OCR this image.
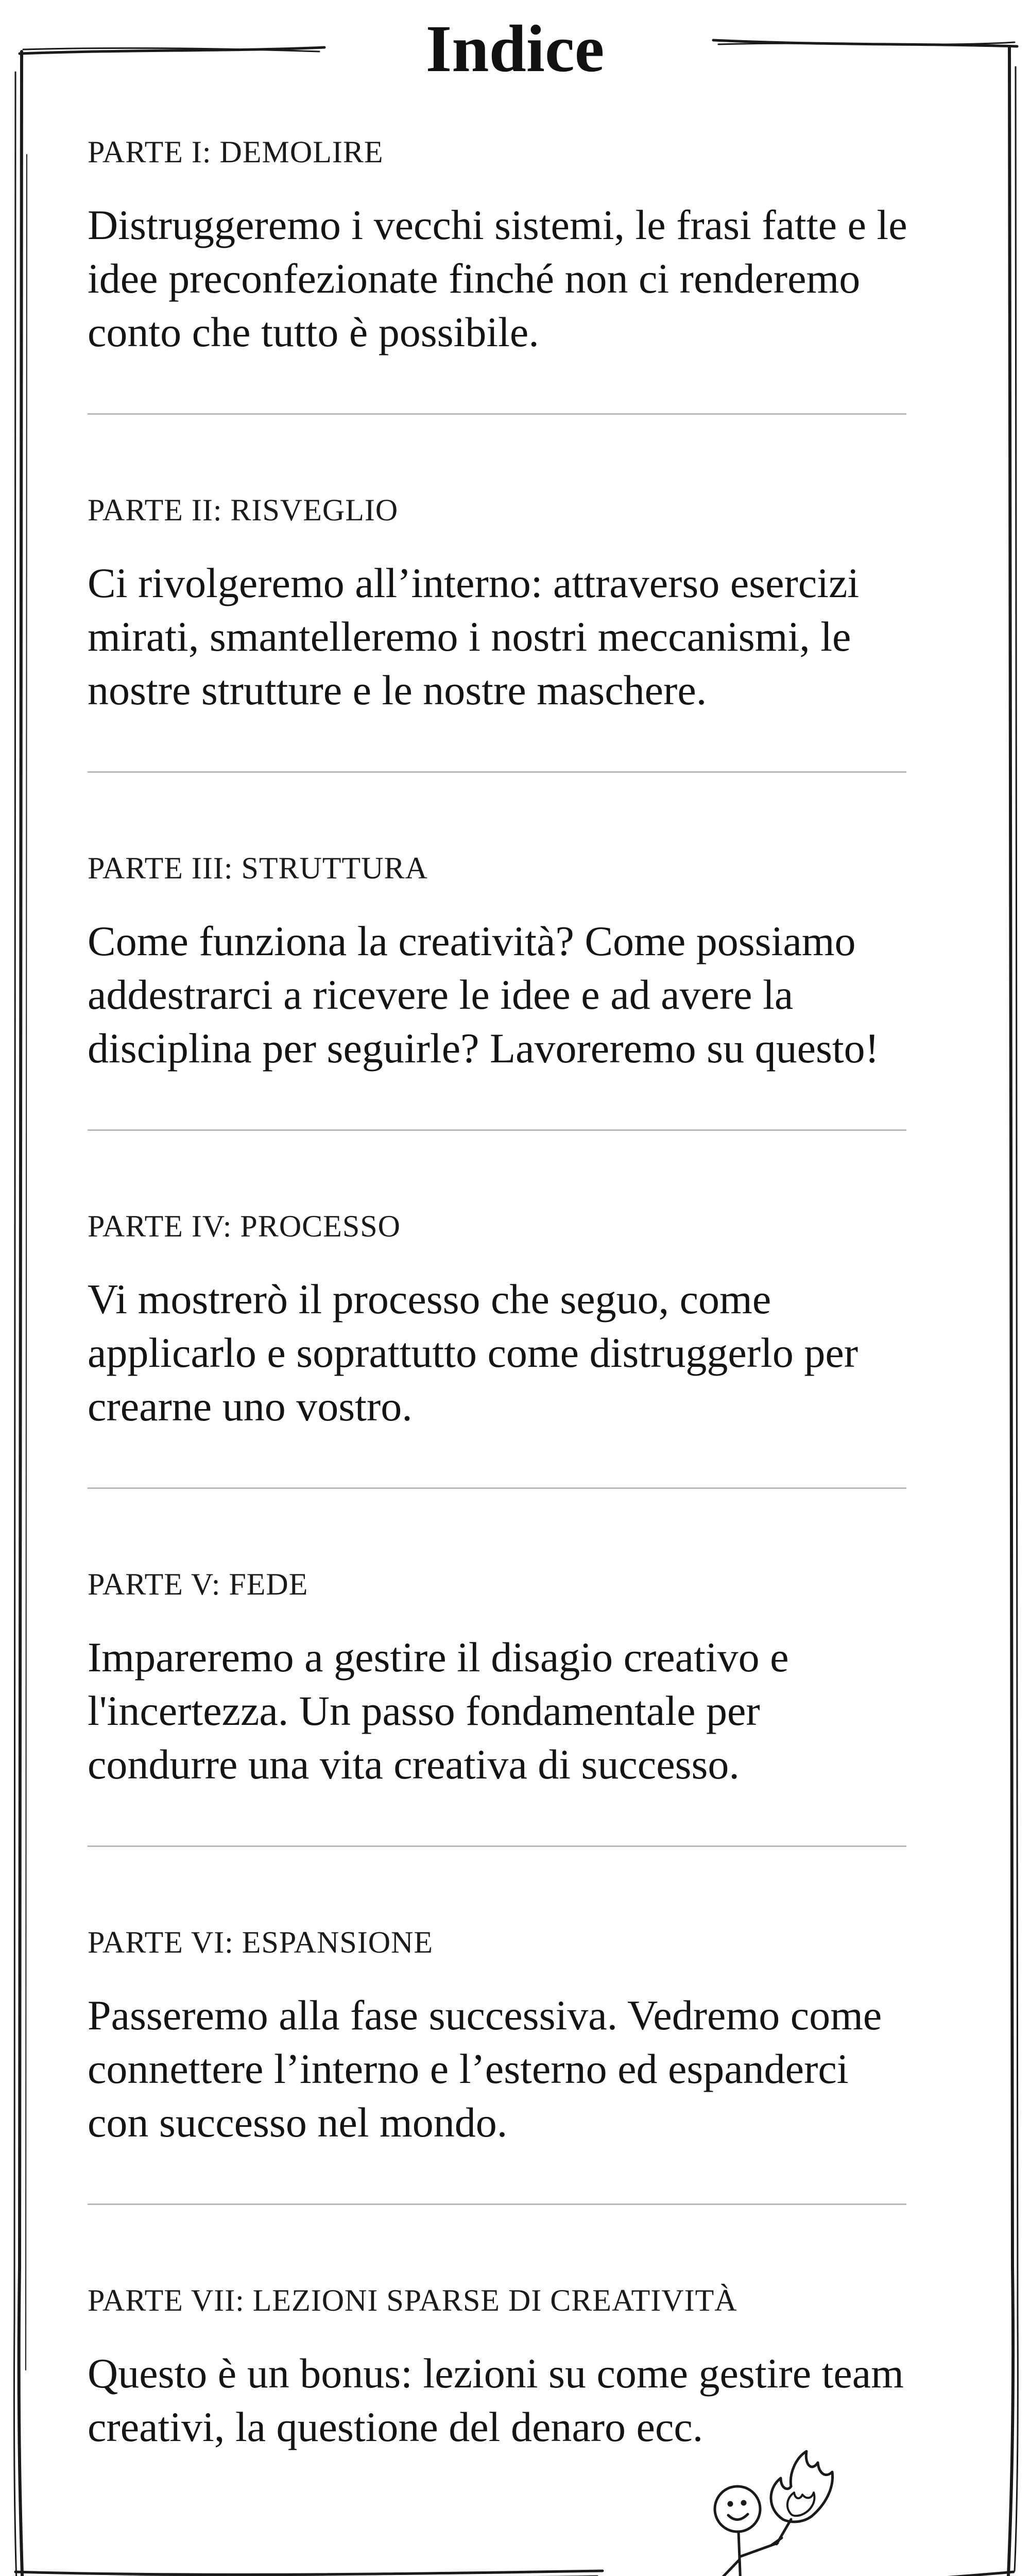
Indice

PARTE I: DEMOLIRE

Distruggeremo i vecchi sistemi, le frasi fatte e le idee preconfezionate finché non ci renderemo conto che tutto è possibile.

PARTE II: RISVEGLIO

Ci rivolgeremo all’interno: attraverso esercizi mirati, smantelleremo i nostri meccanismi, le nostre strutture e le nostre maschere.

PARTE III: STRUTTURA

Come funziona la creatività? Come possiamo addestrarci a ricevere le idee e ad avere la disciplina per seguirle? Lavoreremo su questo!

PARTE IV: PROCESSO

Vi mostrerò il processo che seguo, come applicarlo e soprattutto come distruggerlo per crearne uno vostro.

PARTE V: FEDE

Impareremo a gestire il disagio creativo e l'incertezza. Un passo fondamentale per condurre una vita creativa di successo.

PARTE VI: ESPANSIONE

Passeremo alla fase successiva. Vedremo come connettere l’interno e l’esterno ed espanderci con successo nel mondo.

PARTE VII: LEZIONI SPARSE DI CREATIVITÀ

Questo è un bonus: lezioni su come gestire team creativi, la questione del denaro ecc.
